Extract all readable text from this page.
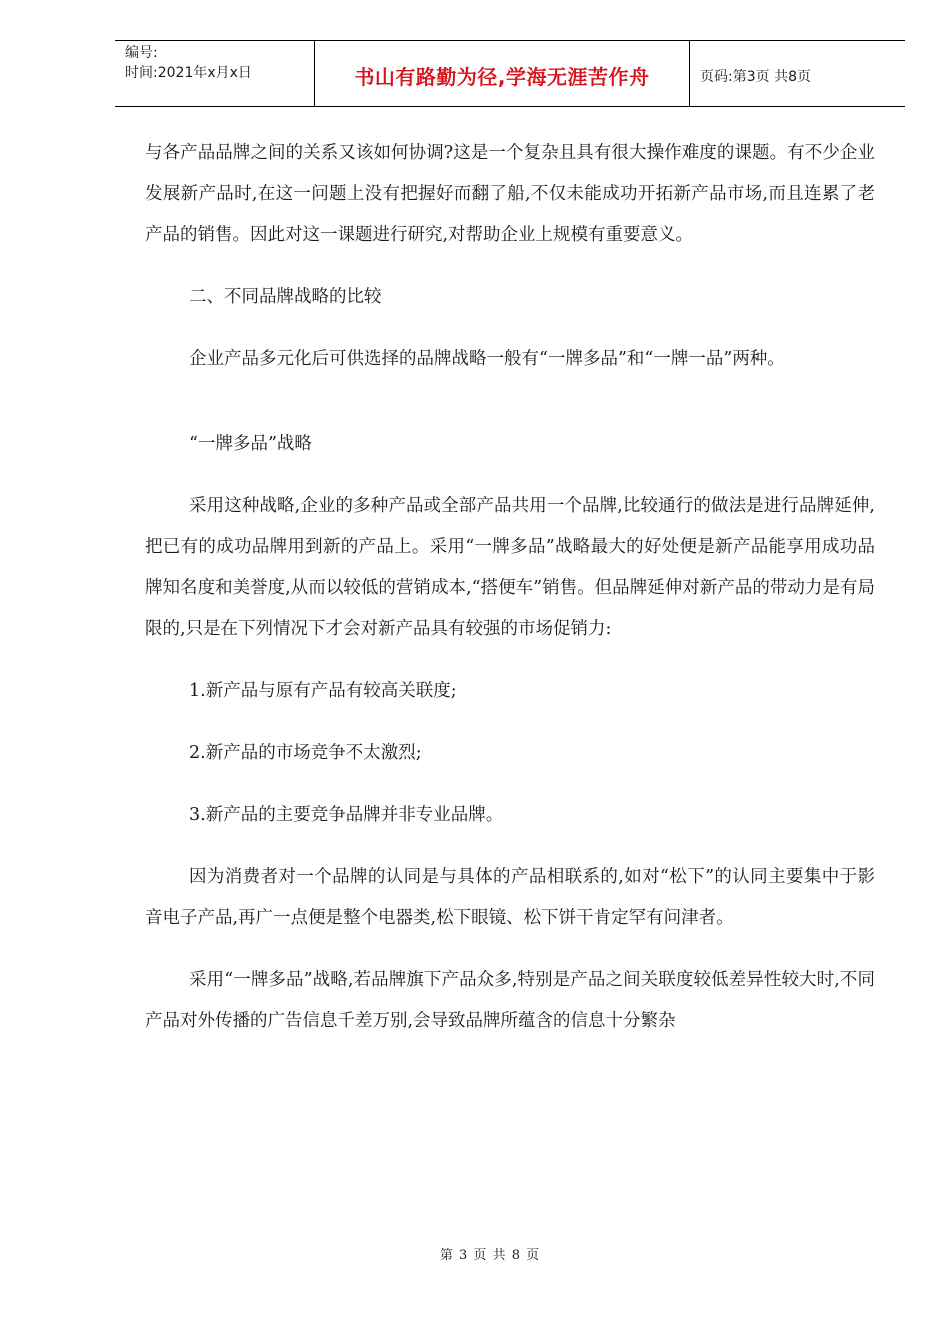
编号:
时间:2021年x月x日	书山有路勤为径,学海无涯苦作舟	页码:第3页 共8页

与各产品品牌之间的关系又该如何协调?这是一个复杂且具有很大操作难度的课题。有不少企业发展新产品时,在这一问题上没有把握好而翻了船,不仅未能成功开拓新产品市场,而且连累了老产品的销售。因此对这一课题进行研究,对帮助企业上规模有重要意义。

二、不同品牌战略的比较

企业产品多元化后可供选择的品牌战略一般有“一牌多品”和“一牌一品”两种。

“一牌多品”战略

采用这种战略,企业的多种产品或全部产品共用一个品牌,比较通行的做法是进行品牌延伸,把已有的成功品牌用到新的产品上。采用“一牌多品”战略最大的好处便是新产品能享用成功品牌知名度和美誉度,从而以较低的营销成本,“搭便车”销售。但品牌延伸对新产品的带动力是有局限的,只是在下列情况下才会对新产品具有较强的市场促销力:

1.新产品与原有产品有较高关联度;

2.新产品的市场竞争不太激烈;

3.新产品的主要竞争品牌并非专业品牌。

因为消费者对一个品牌的认同是与具体的产品相联系的,如对“松下”的认同主要集中于影音电子产品,再广一点便是整个电器类,松下眼镜、松下饼干肯定罕有问津者。

采用“一牌多品”战略,若品牌旗下产品众多,特别是产品之间关联度较低差异性较大时,不同产品对外传播的广告信息千差万别,会导致品牌所蕴含的信息十分繁杂

第 3 页 共 8 页
